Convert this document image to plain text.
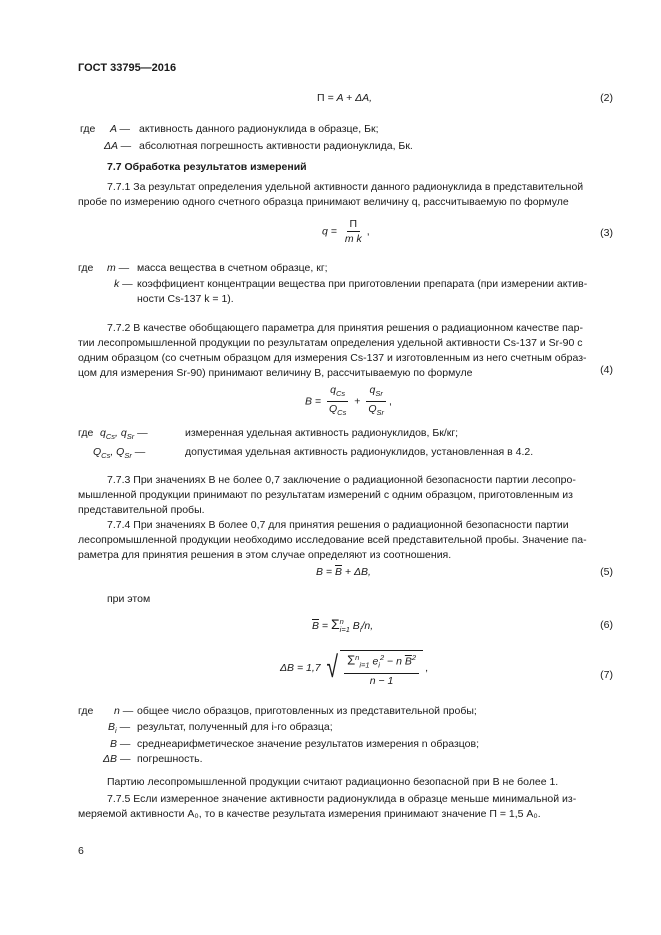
ГОСТ 33795—2016
П = A + ΔA,	(2)
где A — активность данного радионуклида в образце, Бк;
ΔA — абсолютная погрешность активности радионуклида, Бк.
7.7 Обработка результатов измерений
7.7.1 За результат определения удельной активности данного радионуклида в представительной
пробе по измерению одного счетного образца принимают величину q, рассчитываемую по формуле
$q = \frac{П}{\text{m k}}$ ,	(3)
где m — масса вещества в счетном образце, кг;
k — коэффициент концентрации вещества при приготовлении препарата (при измерении актив-
ности Cs-137 k = 1).
7.7.2 В качестве обобщающего параметра для принятия решения о радиационном качестве пар-
тии лесопромышленной продукции по результатам определения удельной активности Cs-137 и Sr-90 с
одним образцом (со счетным образцом для измерения Cs-137 и изготовленным из него счетным образ-
цом для измерения Sr-90) принимают величину B, рассчитываемую по формуле
$B = \frac{q_{Cs}}{Q_{Cs}} + \frac{q_{Sr}}{Q_{Sr}}$ ,
(4)
где $q_{Cs}$, $q_{Sr}$ —	измеренная удельная активность радионуклидов, Бк/кг;
$Q_{Cs}$, $Q_{Sr}$ —	допустимая удельная активность радионуклидов, установленная в 4.2.
7.7.3 При значениях B не более 0,7 заключение о радиационной безопасности партии лесопро-
мышленной продукции принимают по результатам измерений с одним образцом, приготовленным из
представительной пробы.
7.7.4 При значениях B более 0,7 для принятия решения о радиационной безопасности партии
лесопромышленной продукции необходимо исследование всей представительной пробы. Значение па-
раметра для принятия решения в этом случае определяют из соотношения.
$B = \overline{B} + \Delta B$,	(5)
при этом
$\overline{B} = \Sigma$ n
i=1 $B_i/n$,	(6)
ΔB = 1,7 √ $\frac{\Sigma^n_{i=1} e_i^2 - n \overline{B}^2}{n - 1}$ ,
(7)
где n — общее число образцов, приготовленных из представительной пробы;
$B_i$ — результат, полученный для i-го образца;
B — среднеарифметическое значение результатов измерения n образцов;
ΔB — погрешность.
Партию лесопромышленной продукции считают радиационно безопасной при B не более 1.
7.7.5 Если измеренное значение активности радионуклида в образце меньше минимальной из-
меряемой активности A₀, то в качестве результата измерения принимают значение П = 1,5 A₀.
6
